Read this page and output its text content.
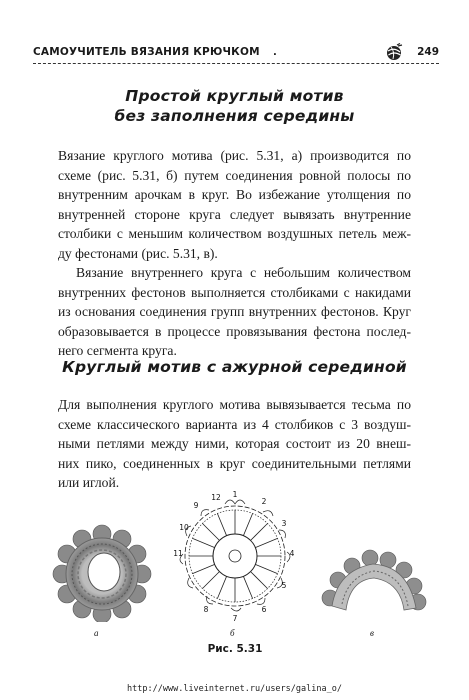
САМОУЧИТЕЛЬ ВЯЗАНИЯ КРЮЧКОМ .	249
Простой круглый мотив
без заполнения середины

Вязание круглого мотива (рис. 5.31, а) производится по
схеме (рис. 5.31, б) путем соединения ровной полосы по
внутренним арочкам в круг. Во избежание утолщения по
внутренней стороне круга следует вывязать внутренние
столбики с меньшим количеством воздушных петель меж-
ду фестонами (рис. 5.31, в).

Вязание внутреннего круга с небольшим количеством
внутренних фестонов выполняется столбиками с накидами
из основания соединения групп внутренних фестонов. Круг
образовывается в процессе провязывания фестона послед-
него сегмента круга.

Круглый мотив с ажурной серединой

Для выполнения круглого мотива вывязывается тесьма по
схеме классического варианта из 4 столбиков с 3 воздуш-
ными петлями между ними, которая состоит из 20 внеш-
них пико, соединенных в круг соединительными петлями
или иглой.

а
12
10
1
2
3
4
5
6
7
8
9
11
б	в
Рис. 5.31
http://www.liveinternet.ru/users/galina_o/
